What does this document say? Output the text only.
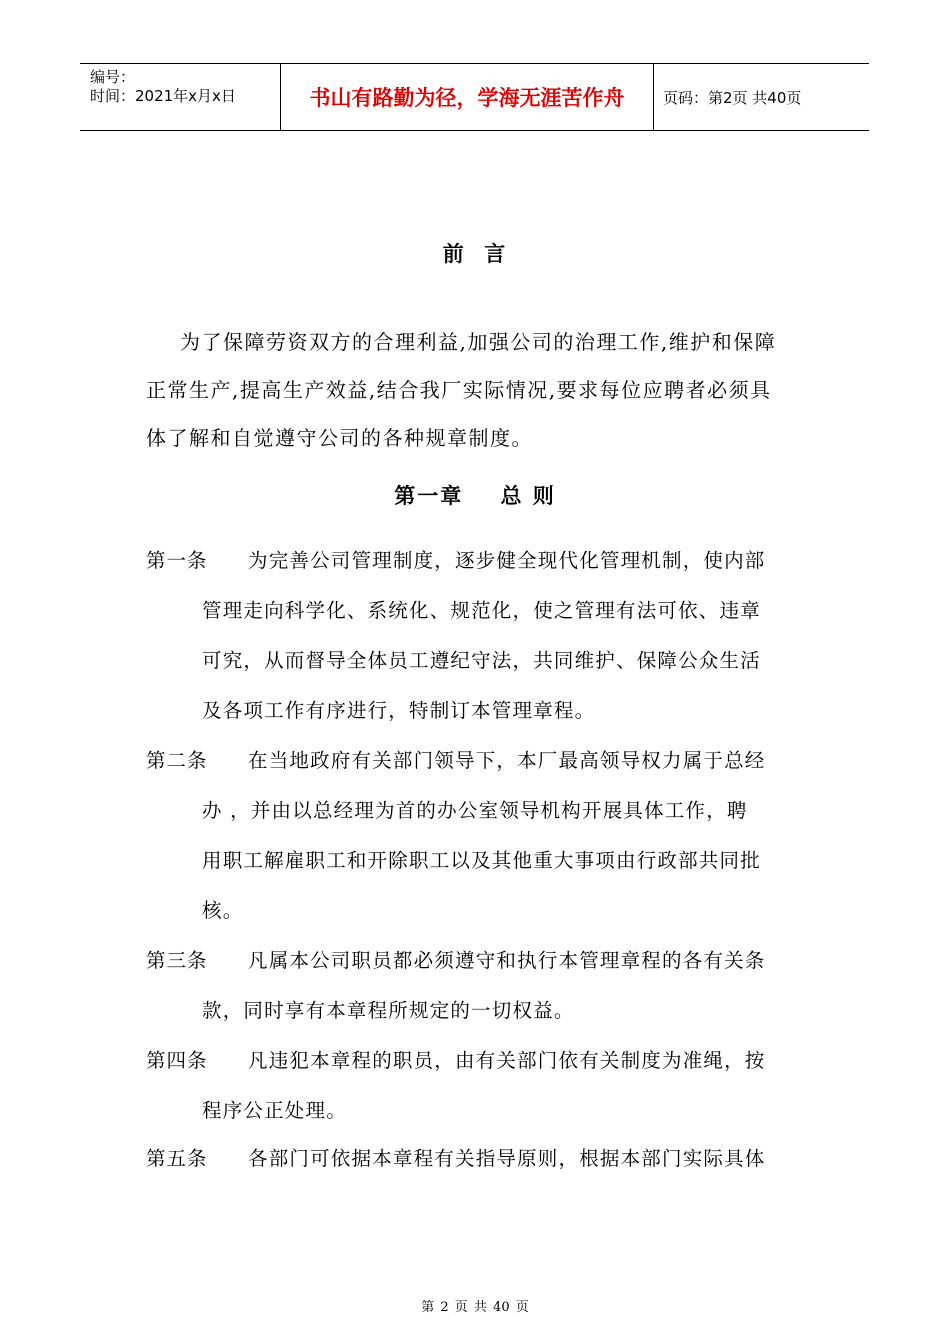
编号：
时间：2021年x月x日	书山有路勤为径，学海无涯苦作舟	页码：第2页 共40页
前  言
为了保障劳资双方的合理利益,加强公司的治理工作,维护和保障
正常生产,提高生产效益,结合我厂实际情况,要求每位应聘者必须具
体了解和自觉遵守公司的各种规章制度。
第一章    总 则
第一条 为完善公司管理制度，逐步健全现代化管理机制，使内部
管理走向科学化、系统化、规范化，使之管理有法可依、违章
可究，从而督导全体员工遵纪守法，共同维护、保障公众生活
及各项工作有序进行，特制订本管理章程。
第二条 在当地政府有关部门领导下，本厂最高领导权力属于总经
办 ，并由以总经理为首的办公室领导机构开展具体工作，聘
用职工解雇职工和开除职工以及其他重大事项由行政部共同批
核。
第三条 凡属本公司职员都必须遵守和执行本管理章程的各有关条
款，同时享有本章程所规定的一切权益。
第四条 凡违犯本章程的职员，由有关部门依有关制度为准绳，按
程序公正处理。
第五条 各部门可依据本章程有关指导原则，根据本部门实际具体
第 2 页 共 40 页
